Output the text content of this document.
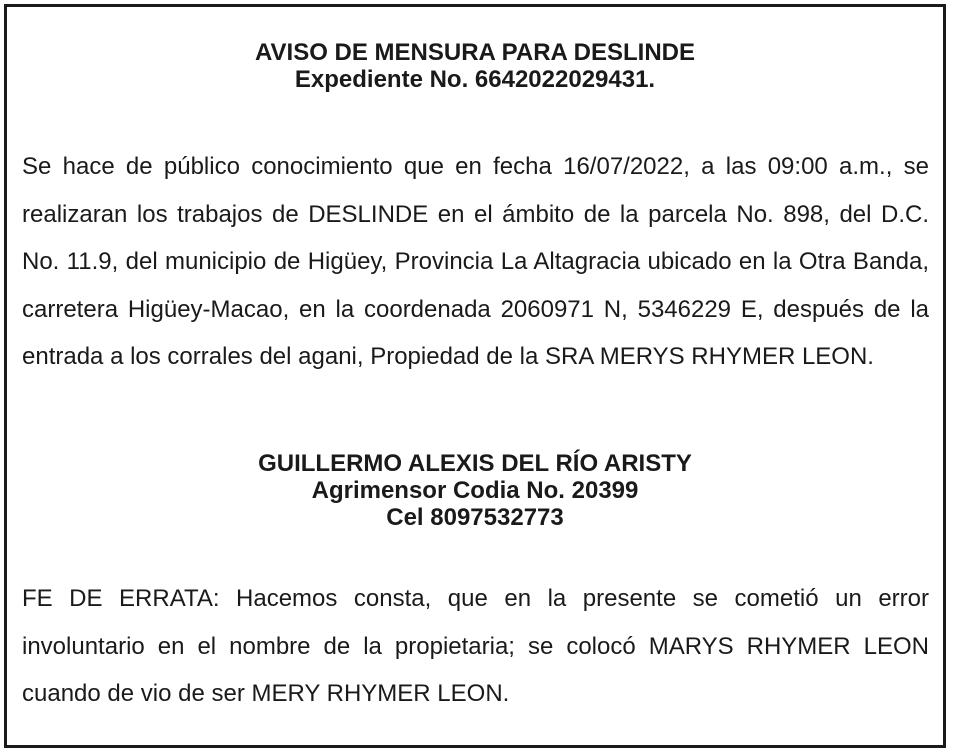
AVISO DE MENSURA PARA DESLINDE
Expediente No. 6642022029431.

Se hace de público conocimiento que en fecha 16/07/2022, a las 09:00 a.m., se realizaran los trabajos de DESLINDE en el ámbito de la parcela No. 898, del D.C. No. 11.9, del municipio de Higüey, Provincia La Altagracia ubicado en la Otra Banda, carretera Higüey-Macao, en la coordenada 2060971 N, 5346229 E, después de la entrada a los corrales del agani, Propiedad de la SRA MERYS RHYMER LEON.

GUILLERMO ALEXIS DEL RÍO ARISTY
Agrimensor Codia No. 20399
Cel 8097532773

FE DE ERRATA: Hacemos consta, que en la presente se cometió un error involuntario en el nombre de la propietaria; se colocó MARYS RHYMER LEON cuando de vio de ser MERY RHYMER LEON.
